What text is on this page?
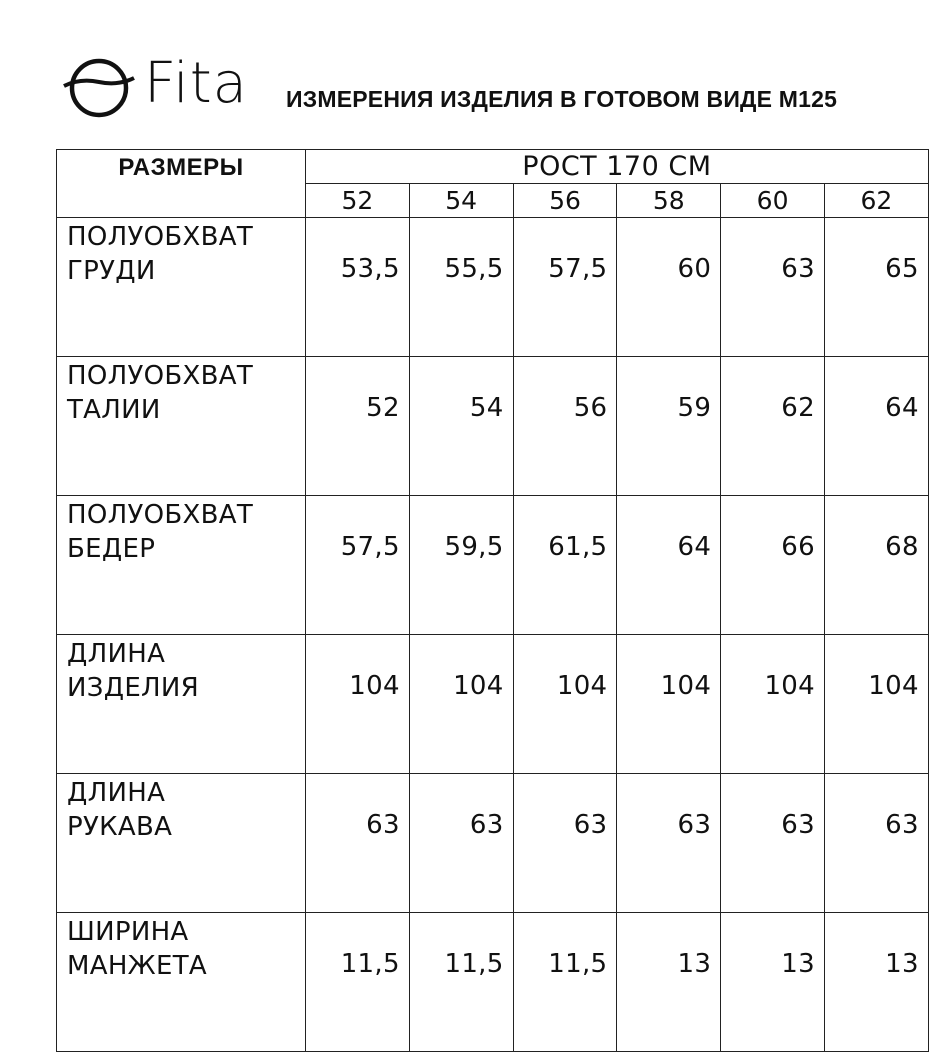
Fita ИЗМЕРЕНИЯ ИЗДЕЛИЯ В ГОТОВОМ ВИДЕ М125
РАЗМЕРЫ	РОСТ 170 СМ					
	52	54	56	58	60	62

ПОЛУОБХВАТ
ГРУДИ	53,5	55,5	57,5	60	63	65

ПОЛУОБХВАТ
ТАЛИИ	52	54	56	59	62	64

ПОЛУОБХВАТ
БЕДЕР	57,5	59,5	61,5	64	66	68

ДЛИНА
ИЗДЕЛИЯ	104	104	104	104	104	104

ДЛИНА
РУКАВА	63	63	63	63	63	63

ШИРИНА
МАНЖЕТА	11,5	11,5	11,5	13	13	13
